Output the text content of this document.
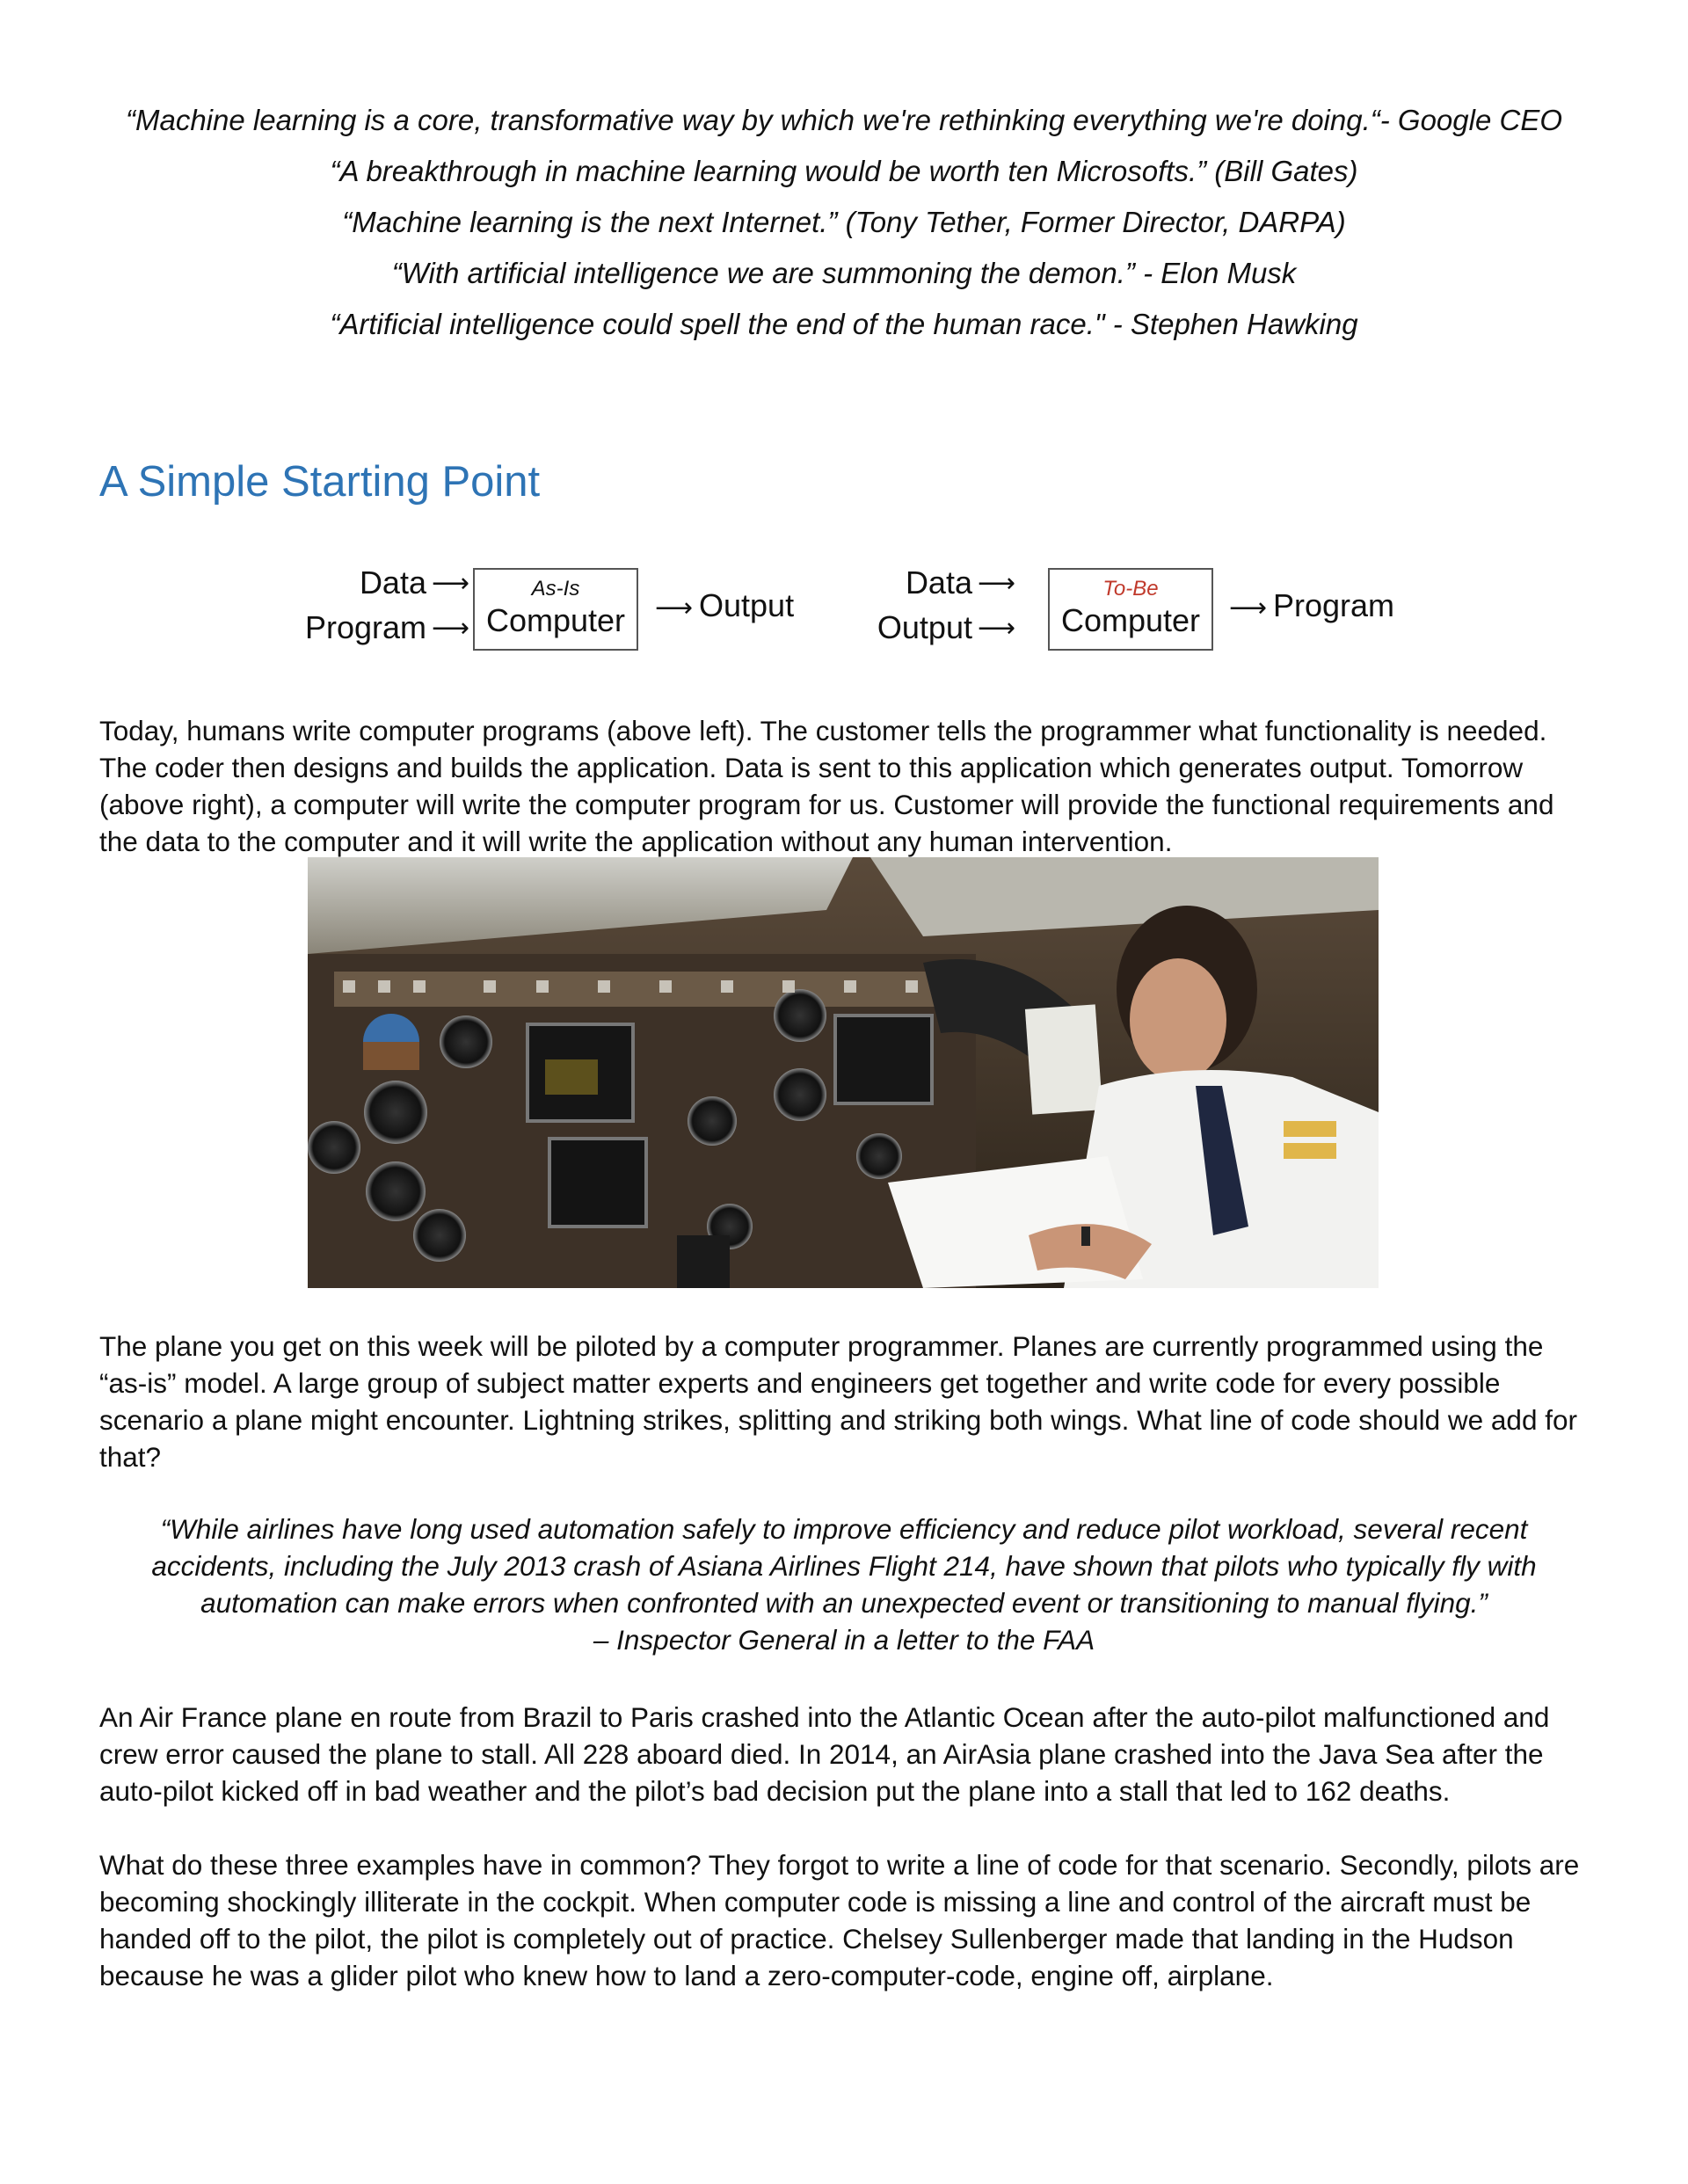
“Machine learning is a core, transformative way by which we're rethinking everything we're doing.“- Google CEO
“A breakthrough in machine learning would be worth ten Microsofts.” (Bill Gates)
“Machine learning is the next Internet.” (Tony Tether, Former Director, DARPA)
“With artificial intelligence we are summoning the demon.” - Elon Musk
“Artificial intelligence could spell the end of the human race." - Stephen Hawking
A Simple Starting Point
Data ⟶
Program ⟶
As-Is
Computer	⟶ Output
Data ⟶
Output ⟶
To-Be
Computer	⟶ Program

Today, humans write computer programs (above left). The customer tells the programmer what functionality is needed. The coder then designs and builds the application. Data is sent to this application which generates output. Tomorrow (above right), a computer will write the computer program for us. Customer will provide the functional requirements and the data to the computer and it will write the application without any human intervention.

The plane you get on this week will be piloted by a computer programmer. Planes are currently programmed using the “as-is” model. A large group of subject matter experts and engineers get together and write code for every possible scenario a plane might encounter. Lightning strikes, splitting and striking both wings. What line of code should we add for that?

“While airlines have long used automation safely to improve efficiency and reduce pilot workload, several recent accidents, including the July 2013 crash of Asiana Airlines Flight 214, have shown that pilots who typically fly with automation can make errors when confronted with an unexpected event or transitioning to manual flying.”
– Inspector General in a letter to the FAA

An Air France plane en route from Brazil to Paris crashed into the Atlantic Ocean after the auto-pilot malfunctioned and crew error caused the plane to stall. All 228 aboard died. In 2014, an AirAsia plane crashed into the Java Sea after the auto-pilot kicked off in bad weather and the pilot’s bad decision put the plane into a stall that led to 162 deaths.

What do these three examples have in common? They forgot to write a line of code for that scenario. Secondly, pilots are becoming shockingly illiterate in the cockpit. When computer code is missing a line and control of the aircraft must be handed off to the pilot, the pilot is completely out of practice. Chelsey Sullenberger made that landing in the Hudson because he was a glider pilot who knew how to land a zero-computer-code, engine off, airplane.
